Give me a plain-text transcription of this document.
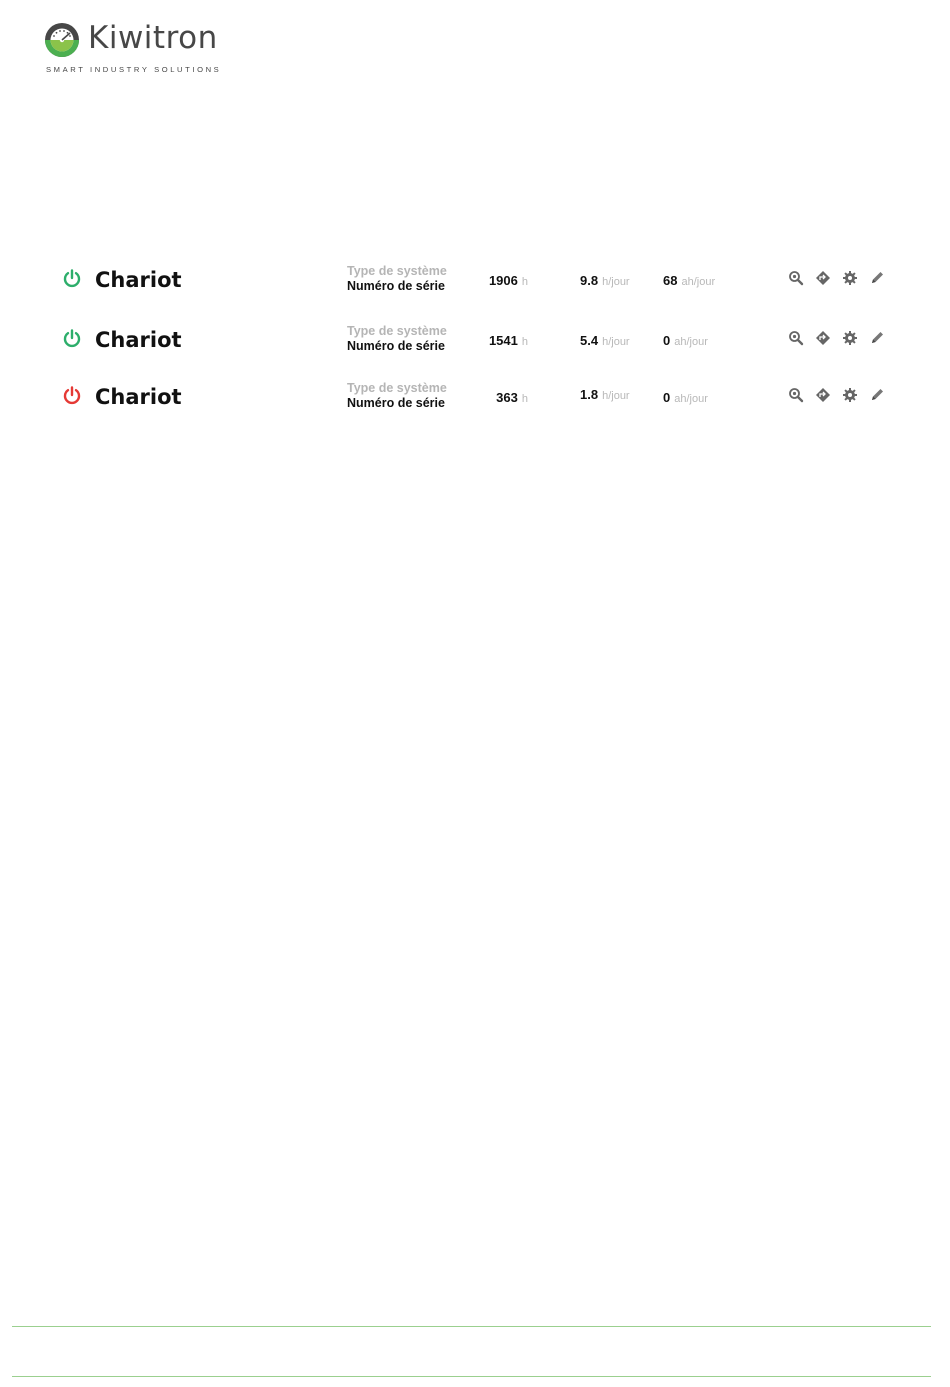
Kiwitron
SMART INDUSTRY SOLUTIONS
Chariot	Type de système
Numéro de série	1906 h	9.8 h/jour	68 ah/jour
Chariot	Type de système
Numéro de série	1541 h	5.4 h/jour	0 ah/jour
Chariot	Type de système
Numéro de série	363 h	1.8 h/jour	0 ah/jour
